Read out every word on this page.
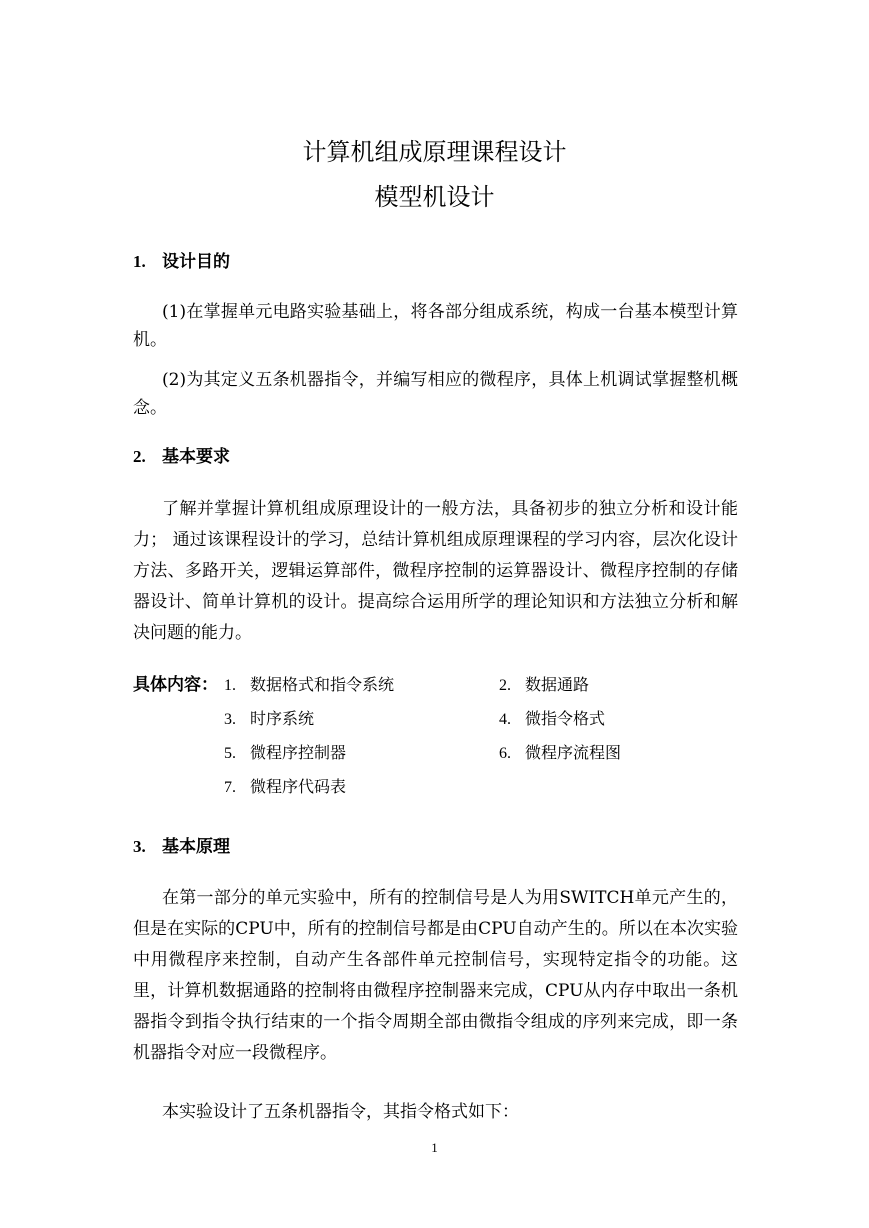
计算机组成原理课程设计
模型机设计
1. 设计目的

(1)在掌握单元电路实验基础上，将各部分组成系统，构成一台基本模型计算机。

(2)为其定义五条机器指令，并编写相应的微程序，具体上机调试掌握整机概念。

2. 基本要求

了解并掌握计算机组成原理设计的一般方法，具备初步的独立分析和设计能力； 通过该课程设计的学习，总结计算机组成原理课程的学习内容，层次化设计方法、多路开关，逻辑运算部件，微程序控制的运算器设计、微程序控制的存储器设计、简单计算机的设计。提高综合运用所学的理论知识和方法独立分析和解决问题的能力。

具体内容： 1. 数据格式和指令系统	2. 数据通路
3. 时序系统	4. 微指令格式
5. 微程序控制器	6. 微程序流程图
7. 微程序代码表
3. 基本原理

在第一部分的单元实验中，所有的控制信号是人为用SWITCH单元产生的，但是在实际的CPU中，所有的控制信号都是由CPU自动产生的。所以在本次实验中用微程序来控制，自动产生各部件单元控制信号，实现特定指令的功能。这里，计算机数据通路的控制将由微程序控制器来完成，CPU从内存中取出一条机器指令到指令执行结束的一个指令周期全部由微指令组成的序列来完成，即一条机器指令对应一段微程序。

本实验设计了五条机器指令，其指令格式如下：

1
